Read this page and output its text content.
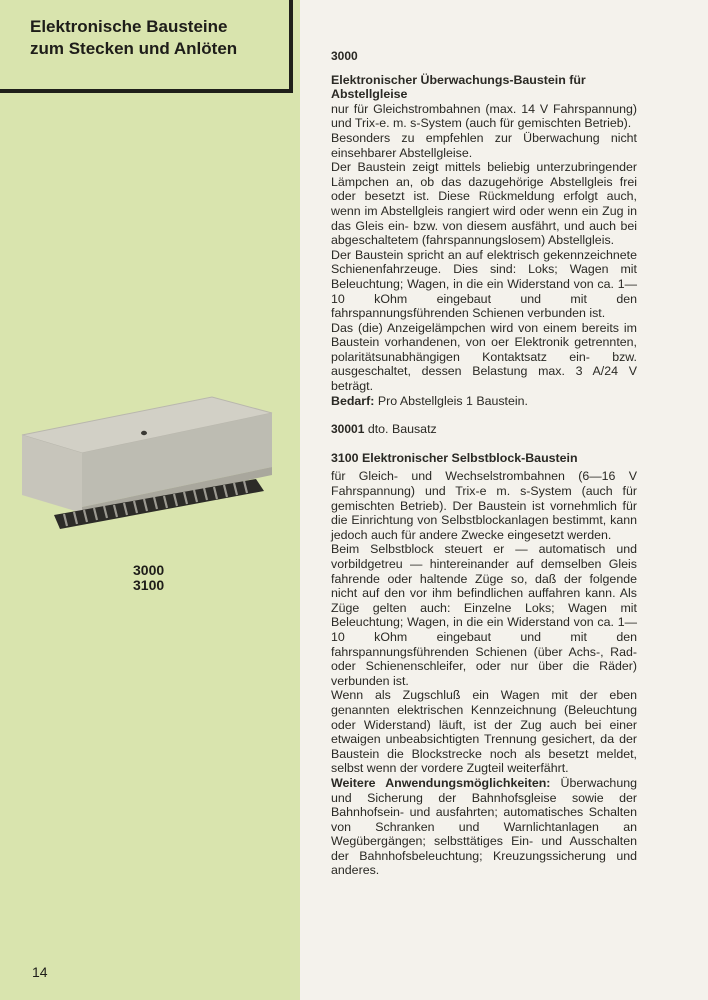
Elektronische Bausteine
zum Stecken und Anlöten
3000
3100
14
3000
Elektronischer Überwachungs-Baustein für Abstellgleise

nur für Gleichstrombahnen (max. 14 V Fahrspannung) und Trix-e. m. s-System (auch für gemischten Betrieb).

Besonders zu empfehlen zur Überwachung nicht einsehbarer Abstellgleise.

Der Baustein zeigt mittels beliebig unterzubringender Lämpchen an, ob das dazugehörige Abstellgleis frei oder besetzt ist. Diese Rückmeldung erfolgt auch, wenn im Abstellgleis rangiert wird oder wenn ein Zug in das Gleis ein- bzw. von diesem ausfährt, und auch bei abgeschaltetem (fahrspannungslosem) Abstellgleis.

Der Baustein spricht an auf elektrisch gekennzeichnete Schienenfahrzeuge. Dies sind: Loks; Wagen mit Beleuchtung; Wagen, in die ein Widerstand von ca. 1—10 kOhm eingebaut und mit den fahrspannungsführenden Schienen verbunden ist.

Das (die) Anzeigelämpchen wird von einem bereits im Baustein vorhandenen, von oer Elektronik getrennten, polaritätsunabhängigen Kontaktsatz ein- bzw. ausgeschaltet, dessen Belastung max. 3 A/24 V beträgt.

Bedarf: Pro Abstellgleis 1 Baustein.

30001 dto. Bausatz

3100 Elektronischer Selbstblock-Baustein

für Gleich- und Wechselstrombahnen (6—16 V Fahrspannung) und Trix-e m. s-System (auch für gemischten Betrieb). Der Baustein ist vornehmlich für die Einrichtung von Selbstblockanlagen bestimmt, kann jedoch auch für andere Zwecke eingesetzt werden.

Beim Selbstblock steuert er — automatisch und vorbildgetreu — hintereinander auf demselben Gleis fahrende oder haltende Züge so, daß der folgende nicht auf den vor ihm befindlichen auffahren kann. Als Züge gelten auch: Einzelne Loks; Wagen mit Beleuchtung; Wagen, in die ein Widerstand von ca. 1—10 kOhm eingebaut und mit den fahrspannungsführenden Schienen (über Achs-, Rad- oder Schienenschleifer, oder nur über die Räder) verbunden ist.

Wenn als Zugschluß ein Wagen mit der eben genannten elektrischen Kennzeichnung (Beleuchtung oder Widerstand) läuft, ist der Zug auch bei einer etwaigen unbeabsichtigten Trennung gesichert, da der Baustein die Blockstrecke noch als besetzt meldet, selbst wenn der vordere Zugteil weiterfährt.

Weitere Anwendungsmöglichkeiten: Überwachung und Sicherung der Bahnhofsgleise sowie der Bahnhofsein- und ausfahrten; automatisches Schalten von Schranken und Warnlichtanlagen an Wegübergängen; selbsttätiges Ein- und Ausschalten der Bahnhofsbeleuchtung; Kreuzungssicherung und anderes.
